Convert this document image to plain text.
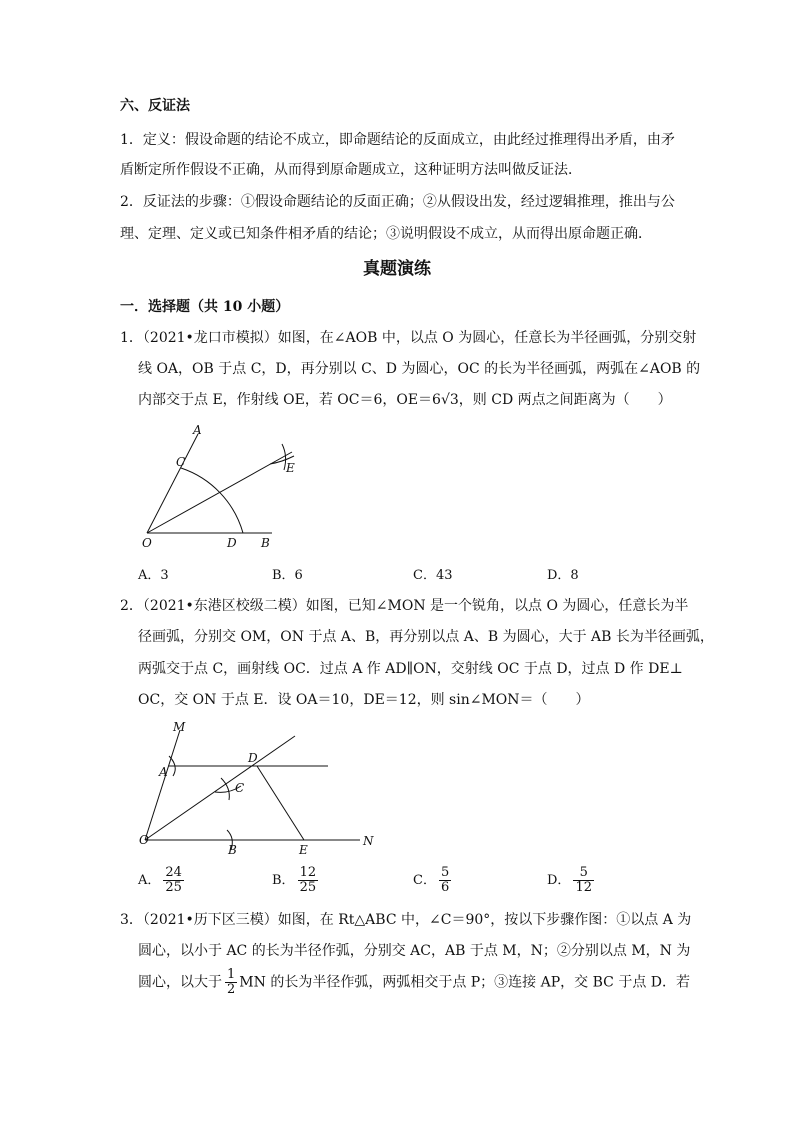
六、反证法
1．定义：假设命题的结论不成立，即命题结论的反面成立，由此经过推理得出矛盾，由矛
盾断定所作假设不正确，从而得到原命题成立，这种证明方法叫做反证法．
2．反证法的步骤：①假设命题结论的反面正确；②从假设出发，经过逻辑推理，推出与公
理、定理、定义或已知条件相矛盾的结论；③说明假设不成立，从而得出原命题正确．
真题演练
一．选择题（共 10 小题）
1．（2021•龙口市模拟）如图，在∠AOB 中，以点 O 为圆心，任意长为半径画弧，分别交射
线 OA，OB 于点 C，D，再分别以 C、D 为圆心，OC 的长为半径画弧，两弧在∠AOB 的
内部交于点 E，作射线 OE，若 OC＝6，OE＝6√3，则 CD 两点之间距离为（　　）
A
C	E
O	D B
A．3	B．6	C．43	D．8
2．（2021•东港区校级二模）如图，已知∠MON 是一个锐角，以点 O 为圆心，任意长为半
径画弧，分别交 OM，ON 于点 A、B，再分别以点 A、B 为圆心，大于 AB 长为半径画弧，
两弧交于点 C，画射线 OC．过点 A 作 AD∥ON，交射线 OC 于点 D，过点 D 作 DE⊥
OC，交 ON 于点 E．设 OA＝10，DE＝12，则 sin∠MON＝（　　）
M
A
D
C
O
B	E
N
A． $\frac{24}{25}$	B． $\frac{12}{25}$	C． $\frac{5}{6}$	D． $\frac{5}{12}$
3．（2021•历下区三模）如图，在 Rt△ABC 中，∠C＝90°，按以下步骤作图：①以点 A 为
圆心，以小于 AC 的长为半径作弧，分别交 AC，AB 于点 M，N；②分别以点 M，N 为
圆心，以大于 $\frac{1}{2}$ MN 的长为半径作弧，两弧相交于点 P；③连接 AP，交 BC 于点 D．若
